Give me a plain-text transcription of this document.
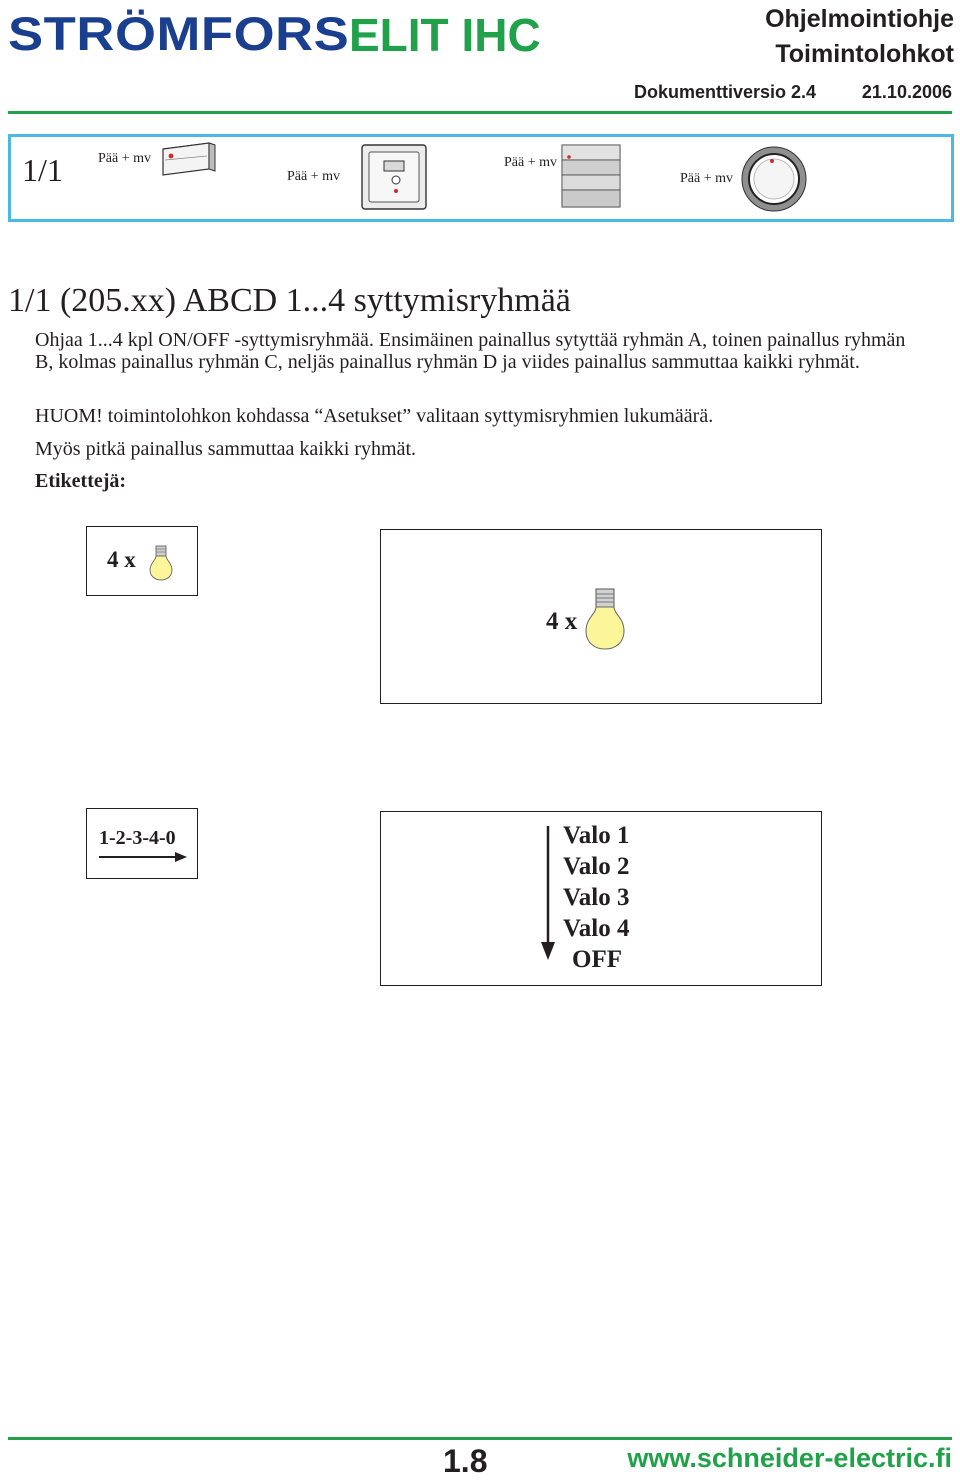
STRÖMFORS ELIT IHC	Ohjelmointiohje
Toimintolohkot
Dokumenttiversio 2.4	21.10.2006
1/1	Pää + mv
Pää + mv
Pää + mv
Pää + mv
1/1 (205.xx) ABCD 1...4 syttymisryhmää
Ohjaa 1...4 kpl ON/OFF -syttymisryhmää. Ensimäinen painallus sytyttää ryhmän A, toinen painallus ryhmän B, kolmas painallus ryhmän C, neljäs painallus ryhmän D ja viides painallus sammuttaa kaikki ryhmät.
HUOM! toimintolohkon kohdassa “Asetukset” valitaan syttymisryhmien lukumäärä.
Myös pitkä painallus sammuttaa kaikki ryhmät.
Etikettejä:
4 x
4 x
1-2-3-4-0	Valo 1
Valo 2
Valo 3
Valo 4
OFF
1.8	www.schneider-electric.fi
